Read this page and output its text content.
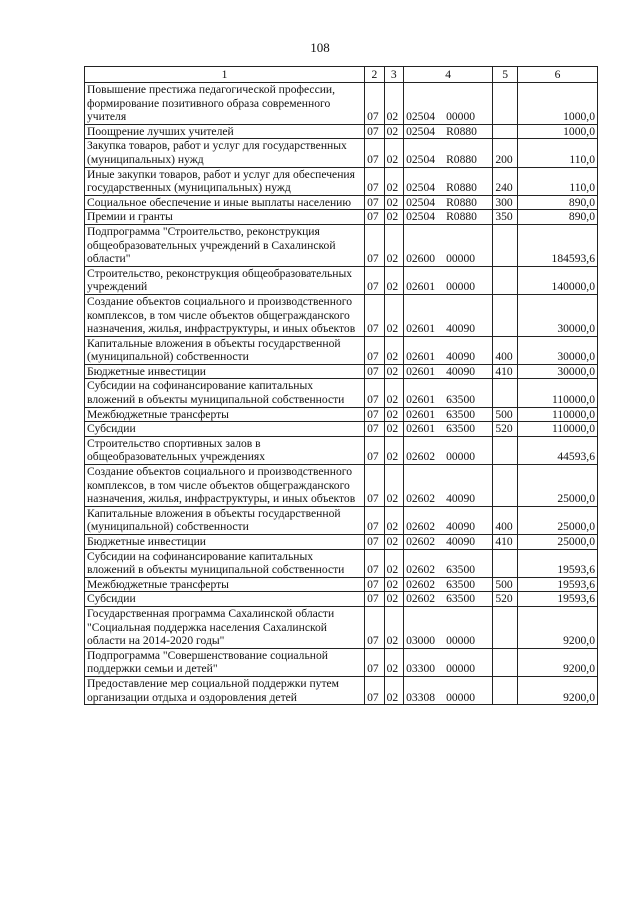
108
1	2	3	4	5	6
Повышение престижа педагогической профессии, формирование позитивного образа современного учителя	07	02	02504 00000		1000,0
Поощрение лучших учителей	07	02	02504 R0880		1000,0
Закупка товаров, работ и услуг для государственных (муниципальных) нужд	07	02	02504 R0880	200	110,0
Иные закупки товаров, работ и услуг для обеспечения государственных (муниципальных) нужд	07	02	02504 R0880	240	110,0
Социальное обеспечение и иные выплаты населению	07	02	02504 R0880	300	890,0
Премии и гранты	07	02	02504 R0880	350	890,0
Подпрограмма "Строительство, реконструкция общеобразовательных учреждений в Сахалинской области"	07	02	02600 00000		184593,6
Строительство, реконструкция общеобразовательных учреждений	07	02	02601 00000		140000,0
Создание объектов социального и производственного комплексов, в том числе объектов общегражданского назначения, жилья, инфраструктуры, и иных объектов	07	02	02601 40090		30000,0
Капитальные вложения в объекты государственной (муниципальной) собственности	07	02	02601 40090	400	30000,0
Бюджетные инвестиции	07	02	02601 40090	410	30000,0
Субсидии на софинансирование капитальных вложений в объекты муниципальной собственности	07	02	02601 63500		110000,0
Межбюджетные трансферты	07	02	02601 63500	500	110000,0
Субсидии	07	02	02601 63500	520	110000,0
Строительство спортивных залов в общеобразовательных учреждениях	07	02	02602 00000		44593,6
Создание объектов социального и производственного комплексов, в том числе объектов общегражданского назначения, жилья, инфраструктуры, и иных объектов	07	02	02602 40090		25000,0
Капитальные вложения в объекты государственной (муниципальной) собственности	07	02	02602 40090	400	25000,0
Бюджетные инвестиции	07	02	02602 40090	410	25000,0
Субсидии на софинансирование капитальных вложений в объекты муниципальной собственности	07	02	02602 63500		19593,6
Межбюджетные трансферты	07	02	02602 63500	500	19593,6
Субсидии	07	02	02602 63500	520	19593,6
Государственная программа Сахалинской области "Социальная поддержка населения Сахалинской области на 2014-2020 годы"	07	02	03000 00000		9200,0
Подпрограмма "Совершенствование социальной поддержки семьи и детей"	07	02	03300 00000		9200,0
Предоставление мер социальной поддержки путем организации отдыха и оздоровления детей	07	02	03308 00000		9200,0
